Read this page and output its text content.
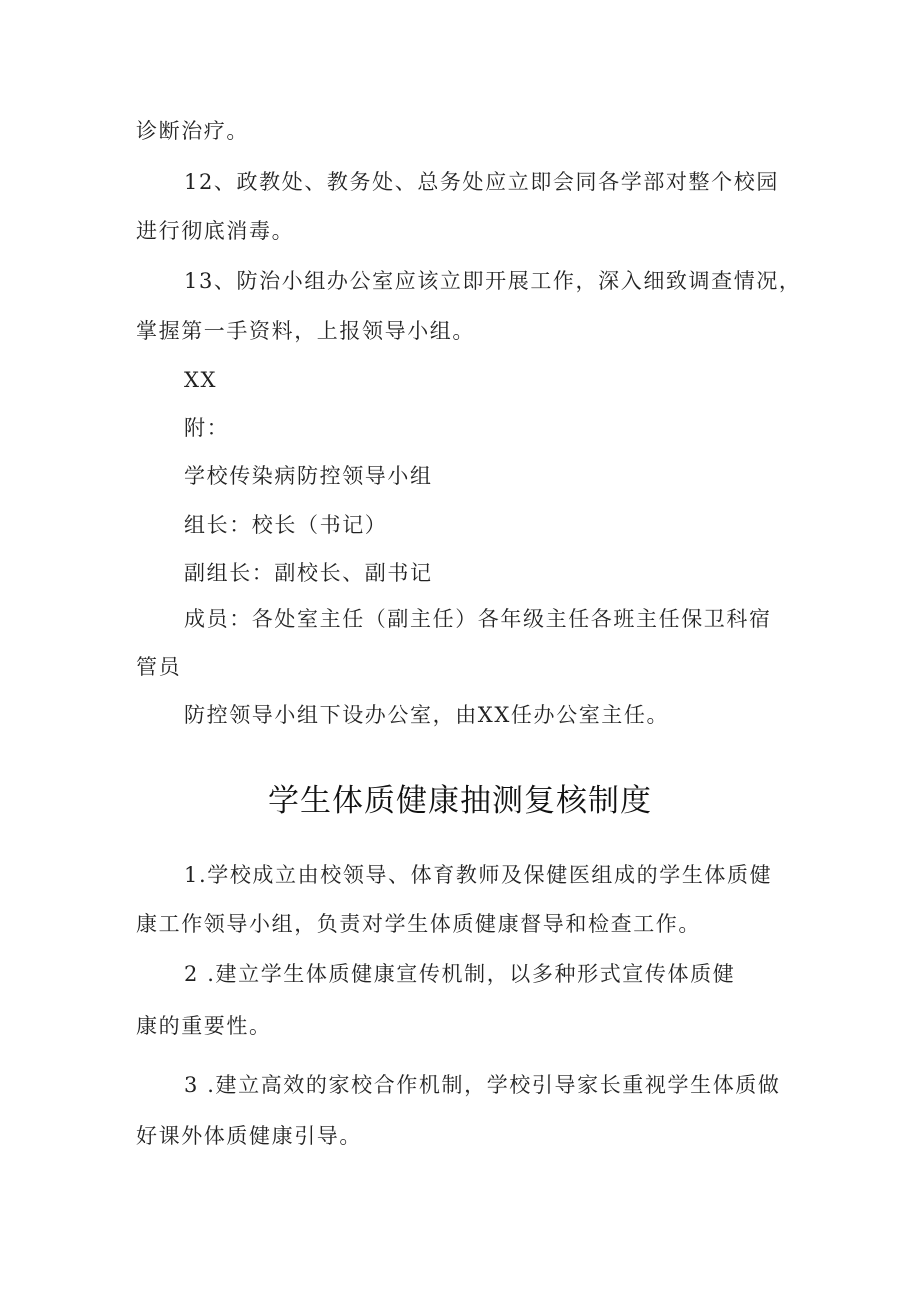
诊断治疗。
12、政教处、教务处、总务处应立即会同各学部对整个校园
进行彻底消毒。
13、防治小组办公室应该立即开展工作，深入细致调查情况，
掌握第一手资料，上报领导小组。
XX
附：
学校传染病防控领导小组
组长：校长（书记）
副组长：副校长、副书记
成员：各处室主任（副主任）各年级主任各班主任保卫科宿
管员
防控领导小组下设办公室，由XX任办公室主任。
学生体质健康抽测复核制度
1.学校成立由校领导、体育教师及保健医组成的学生体质健
康工作领导小组，负责对学生体质健康督导和检查工作。
2 .建立学生体质健康宣传机制，以多种形式宣传体质健
康的重要性。
3 .建立高效的家校合作机制，学校引导家长重视学生体质做
好课外体质健康引导。
